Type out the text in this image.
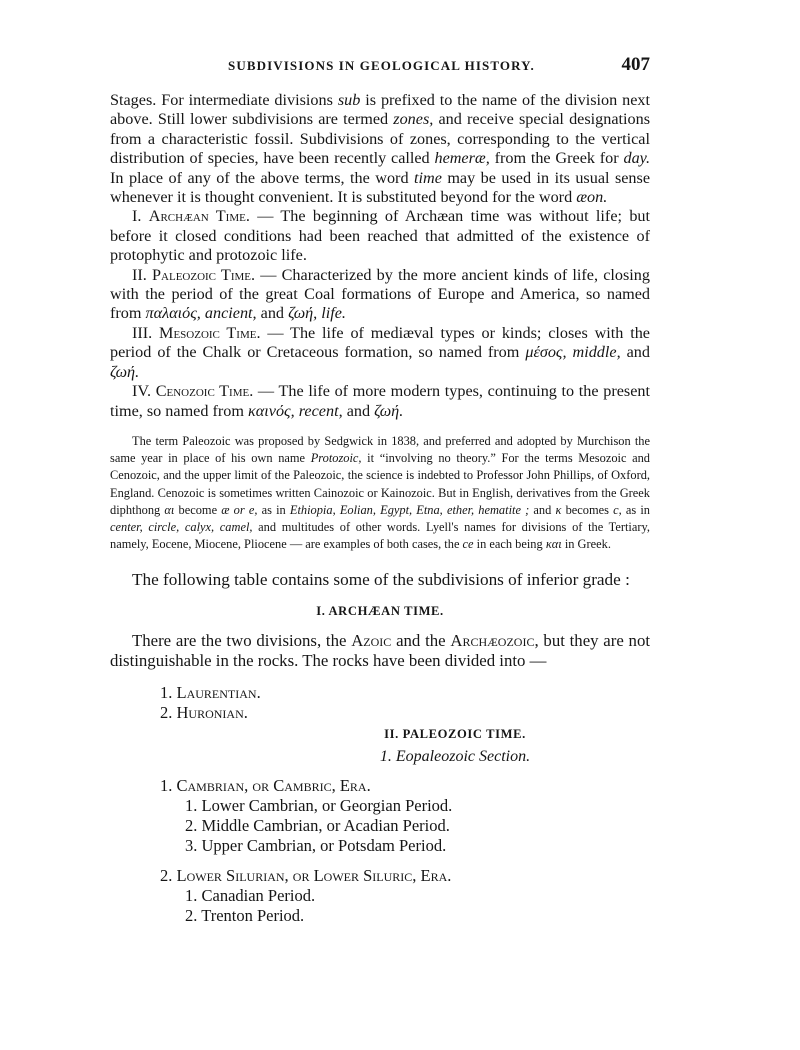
SUBDIVISIONS IN GEOLOGICAL HISTORY.	407

Stages. For intermediate divisions sub is prefixed to the name of the division next above. Still lower subdivisions are termed zones, and receive special designations from a characteristic fossil. Subdivisions of zones, corresponding to the vertical distribution of species, have been recently called hemeræ, from the Greek for day. In place of any of the above terms, the word time may be used in its usual sense whenever it is thought convenient. It is substituted beyond for the word æon.

I. Archæan Time. — The beginning of Archæan time was without life; but before it closed conditions had been reached that admitted of the existence of protophytic and protozoic life.

II. Paleozoic Time. — Characterized by the more ancient kinds of life, closing with the period of the great Coal formations of Europe and America, so named from παλαιός, ancient, and ζωή, life.

III. Mesozoic Time. — The life of mediæval types or kinds; closes with the period of the Chalk or Cretaceous formation, so named from μέσος, middle, and ζωή.

IV. Cenozoic Time. — The life of more modern types, continuing to the present time, so named from καινός, recent, and ζωή.

The term Paleozoic was proposed by Sedgwick in 1838, and preferred and adopted by Murchison the same year in place of his own name Protozoic, it “involving no theory.” For the terms Mesozoic and Cenozoic, and the upper limit of the Paleozoic, the science is indebted to Professor John Phillips, of Oxford, England. Cenozoic is sometimes written Cainozoic or Kainozoic. But in English, derivatives from the Greek diphthong αι become æ or e, as in Ethiopia, Eolian, Egypt, Etna, ether, hematite ; and κ becomes c, as in center, circle, calyx, camel, and multitudes of other words. Lyell's names for divisions of the Tertiary, namely, Eocene, Miocene, Pliocene — are examples of both cases, the ce in each being και in Greek.

The following table contains some of the subdivisions of inferior grade :

I. ARCHÆAN TIME.

There are the two divisions, the Azoic and the Archæozoic, but they are not distinguishable in the rocks. The rocks have been divided into —

1. Laurentian.
2. Huronian.
II. PALEOZOIC TIME.
1. Eopaleozoic Section.
1. Cambrian, or Cambric, Era.
1. Lower Cambrian, or Georgian Period.
2. Middle Cambrian, or Acadian Period.
3. Upper Cambrian, or Potsdam Period.
2. Lower Silurian, or Lower Siluric, Era.
1. Canadian Period.
2. Trenton Period.
